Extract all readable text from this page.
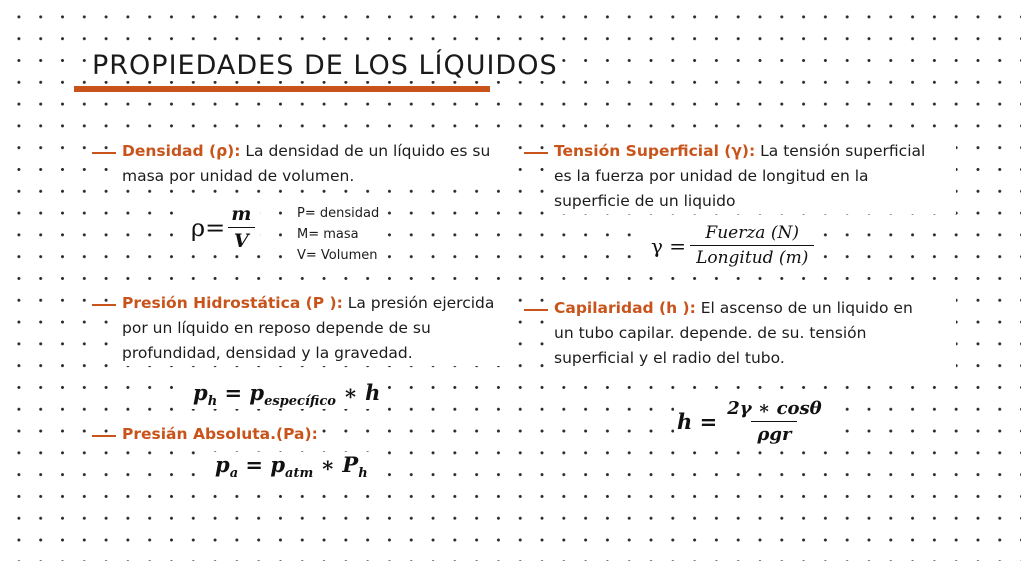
PROPIEDADES DE LOS LÍQUIDOS
Densidad (ρ): La densidad de un líquido es su
masa por unidad de volumen.
$\rho= \frac{m}{V}$	P= densidad
M= masa
V= Volumen
Presión Hidrostática (P ): La presión ejercida
por un líquido en reposo depende de su
profundidad, densidad y la gravedad.
$p_h = p_{específico}$ ∗ h
Presián Absoluta.(Pa):
$p_a = p_{atm}$ ∗ $P_h$
Tensión Superficial (γ): La tensión superficial
es la fuerza por unidad de longitud en la
superficie de un liquido
$\gamma = \frac{\text{Fuerza (N)}}{\text{Longitud (m)}}$
Capilaridad (h ): El ascenso de un liquido en
un tubo capilar. depende. de su. tensión
superficial y el radio del tubo.
$h = \frac{2\gamma ∗ \cos\theta}{\text{ρgr}}$
